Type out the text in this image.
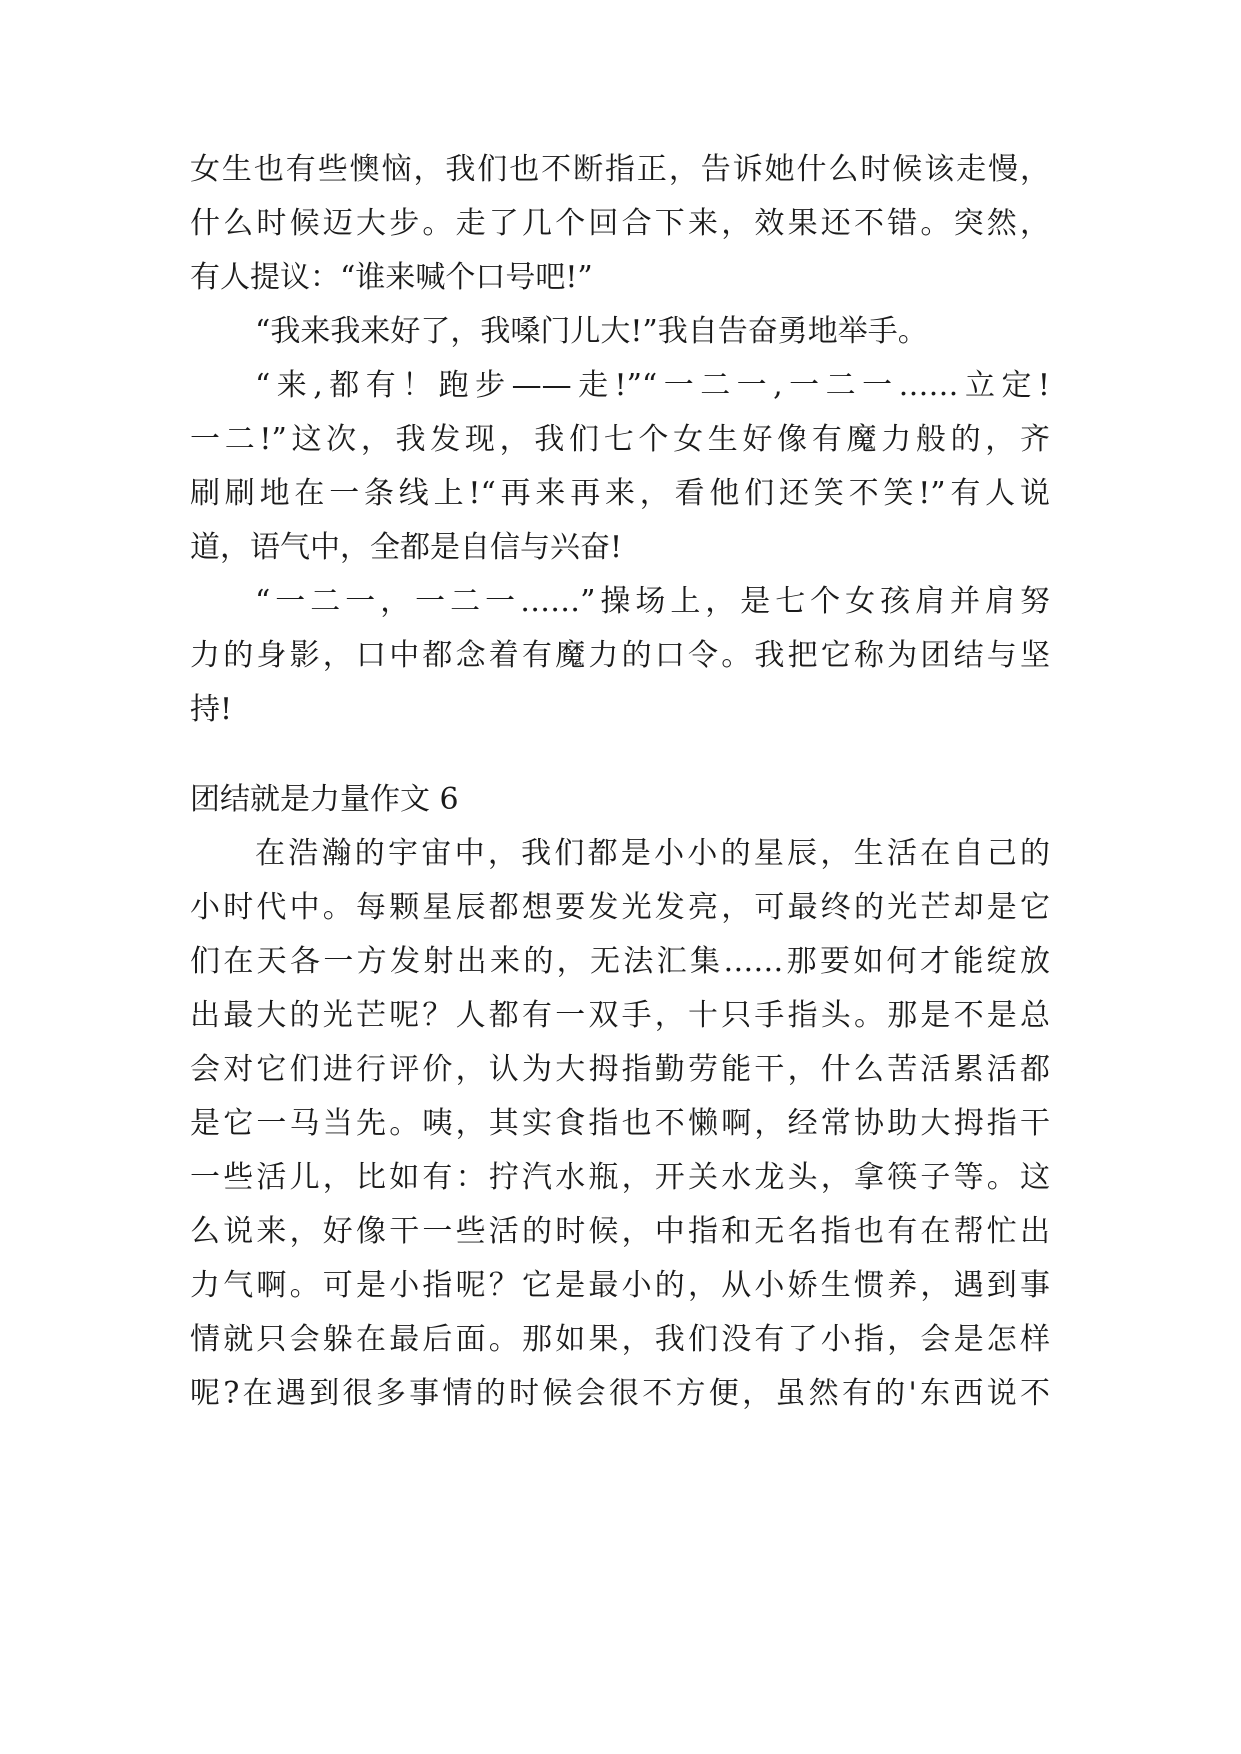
女生也有些懊恼，我们也不断指正，告诉她什么时候该走慢，
什么时候迈大步。走了几个回合下来，效果还不错。突然，
有人提议：“谁来喊个口号吧!”
“我来我来好了，我嗓门儿大!”我自告奋勇地举手。
“来,都有！跑步——走!”“一二一,一二一……立定!
一二!”这次，我发现，我们七个女生好像有魔力般的，齐
刷刷地在一条线上!“再来再来，看他们还笑不笑!”有人说
道，语气中，全都是自信与兴奋!
“一二一，一二一……”操场上，是七个女孩肩并肩努
力的身影，口中都念着有魔力的口令。我把它称为团结与坚
持!
团结就是力量作文 6
在浩瀚的宇宙中，我们都是小小的星辰，生活在自己的
小时代中。每颗星辰都想要发光发亮，可最终的光芒却是它
们在天各一方发射出来的，无法汇集……那要如何才能绽放
出最大的光芒呢？人都有一双手，十只手指头。那是不是总
会对它们进行评价，认为大拇指勤劳能干，什么苦活累活都
是它一马当先。咦，其实食指也不懒啊，经常协助大拇指干
一些活儿，比如有：拧汽水瓶，开关水龙头，拿筷子等。这
么说来，好像干一些活的时候，中指和无名指也有在帮忙出
力气啊。可是小指呢？它是最小的，从小娇生惯养，遇到事
情就只会躲在最后面。那如果，我们没有了小指，会是怎样
呢?在遇到很多事情的时候会很不方便，虽然有的'东西说不
